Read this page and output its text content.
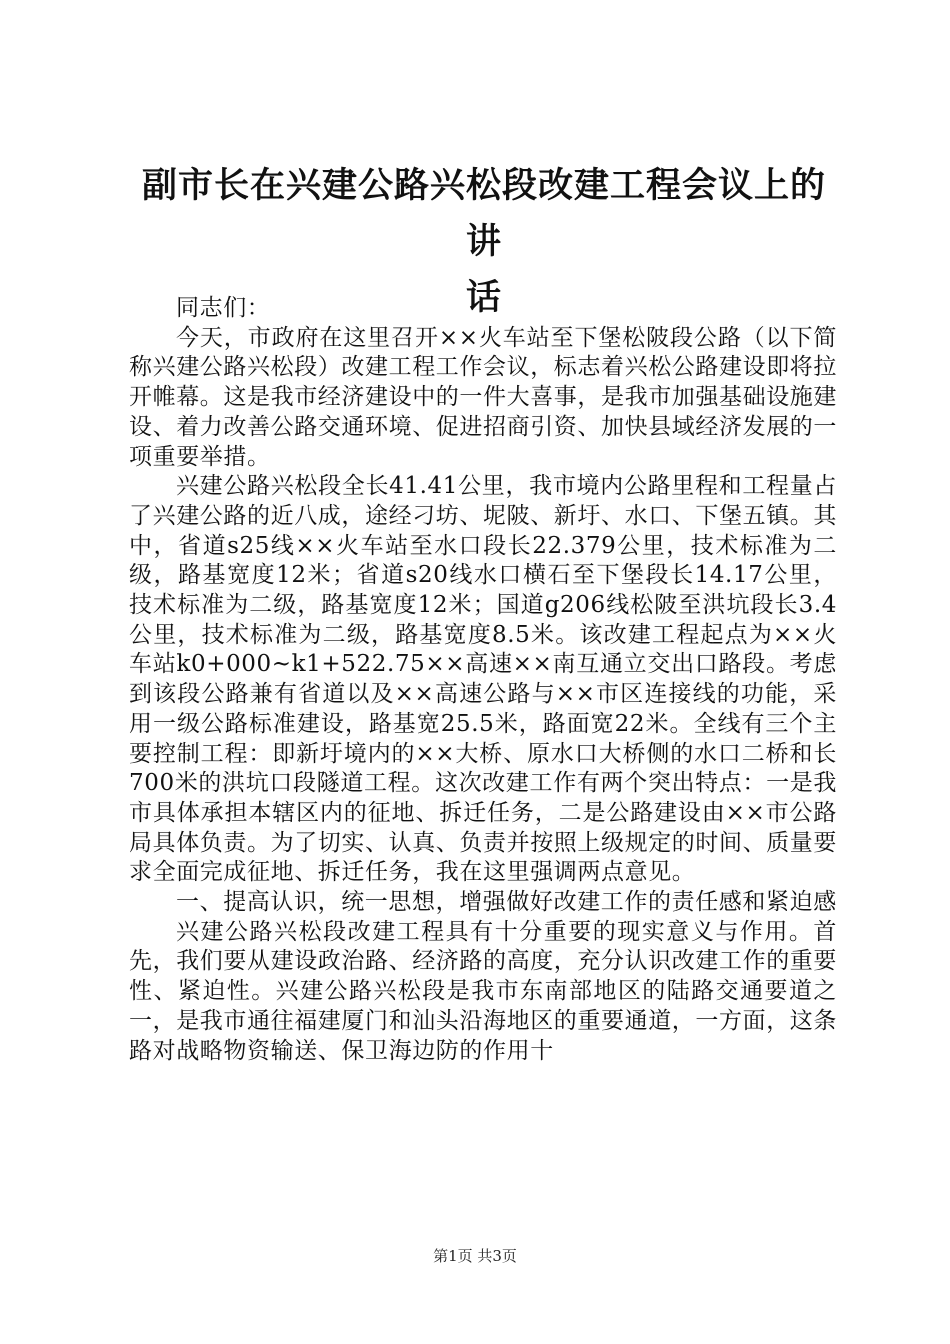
副市长在兴建公路兴松段改建工程会议上的讲
话

同志们：

今天，市政府在这里召开××火车站至下堡松陂段公路（以下简称兴建公路兴松段）改建工程工作会议，标志着兴松公路建设即将拉开帷幕。这是我市经济建设中的一件大喜事，是我市加强基础设施建设、着力改善公路交通环境、促进招商引资、加快县域经济发展的一项重要举措。

兴建公路兴松段全长41.41公里，我市境内公路里程和工程量占了兴建公路的近八成，途经刁坊、坭陂、新圩、水口、下堡五镇。其中，省道s25线××火车站至水口段长22.379公里，技术标准为二级，路基宽度12米；省道s20线水口横石至下堡段长14.17公里，技术标准为二级，路基宽度12米；国道g206线松陂至洪坑段长3.4公里，技术标准为二级，路基宽度8.5米。该改建工程起点为××火车站k0+000~k1+522.75××高速××南互通立交出口路段。考虑到该段公路兼有省道以及××高速公路与××市区连接线的功能，采用一级公路标准建设，路基宽25.5米，路面宽22米。全线有三个主要控制工程：即新圩境内的××大桥、原水口大桥侧的水口二桥和长700米的洪坑口段隧道工程。这次改建工作有两个突出特点：一是我市具体承担本辖区内的征地、拆迁任务，二是公路建设由××市公路局具体负责。为了切实、认真、负责并按照上级规定的时间、质量要求全面完成征地、拆迁任务，我在这里强调两点意见。

一、提高认识，统一思想，增强做好改建工作的责任感和紧迫感

兴建公路兴松段改建工程具有十分重要的现实意义与作用。首先，我们要从建设政治路、经济路的高度，充分认识改建工作的重要性、紧迫性。兴建公路兴松段是我市东南部地区的陆路交通要道之一，是我市通往福建厦门和汕头沿海地区的重要通道，一方面，这条路对战略物资输送、保卫海边防的作用十

第1页 共3页
